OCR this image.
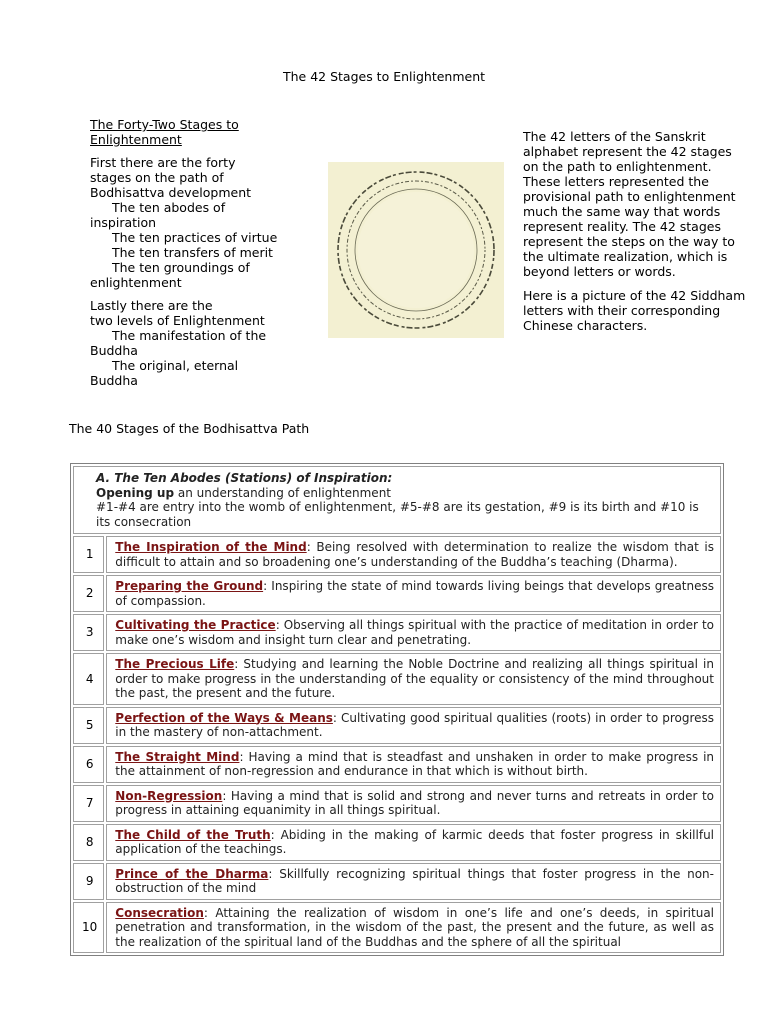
The 42 Stages to Enlightenment
The Forty-Two Stages to Enlightenment

First there are the forty
stages on the path of
Bodhisattva development
The ten abodes of
inspiration
The ten practices of virtue
The ten transfers of merit
The ten groundings of
enlightenment

Lastly there are the
two levels of Enlightenment
The manifestation of the
Buddha
The original, eternal
Buddha

The 42 letters of the Sanskrit alphabet represent the 42 stages on the path to enlightenment. These letters represented the provisional path to enlightenment much the same way that words represent reality. The 42 stages represent the steps on the way to the ultimate realization, which is beyond letters or words.

Here is a picture of the 42 Siddham letters with their corresponding Chinese characters.

The 40 Stages of the Bodhisattva Path
A. The Ten Abodes (Stations) of Inspiration:
Opening up an understanding of enlightenment
#1-#4 are entry into the womb of enlightenment, #5-#8 are its gestation, #9 is its birth and #10 is its consecration	

1	The Inspiration of the Mind: Being resolved with determination to realize the wisdom that is difficult to attain and so broadening one’s understanding of the Buddha’s teaching (Dharma).
2	Preparing the Ground: Inspiring the state of mind towards living beings that develops greatness of compassion.
3	Cultivating the Practice: Observing all things spiritual with the practice of meditation in order to make one’s wisdom and insight turn clear and penetrating.
4	The Precious Life: Studying and learning the Noble Doctrine and realizing all things spiritual in order to make progress in the understanding of the equality or consistency of the mind throughout the past, the present and the future.
5	Perfection of the Ways & Means: Cultivating good spiritual qualities (roots) in order to progress in the mastery of non-attachment.
6	The Straight Mind: Having a mind that is steadfast and unshaken in order to make progress in the attainment of non-regression and endurance in that which is without birth.
7	Non-Regression: Having a mind that is solid and strong and never turns and retreats in order to progress in attaining equanimity in all things spiritual.
8	The Child of the Truth: Abiding in the making of karmic deeds that foster progress in skillful application of the teachings.
9	Prince of the Dharma: Skillfully recognizing spiritual things that foster progress in the non-obstruction of the mind
10	Consecration: Attaining the realization of wisdom in one’s life and one’s deeds, in spiritual penetration and transformation, in the wisdom of the past, the present and the future, as well as the realization of the spiritual land of the Buddhas and the sphere of all the spiritual
